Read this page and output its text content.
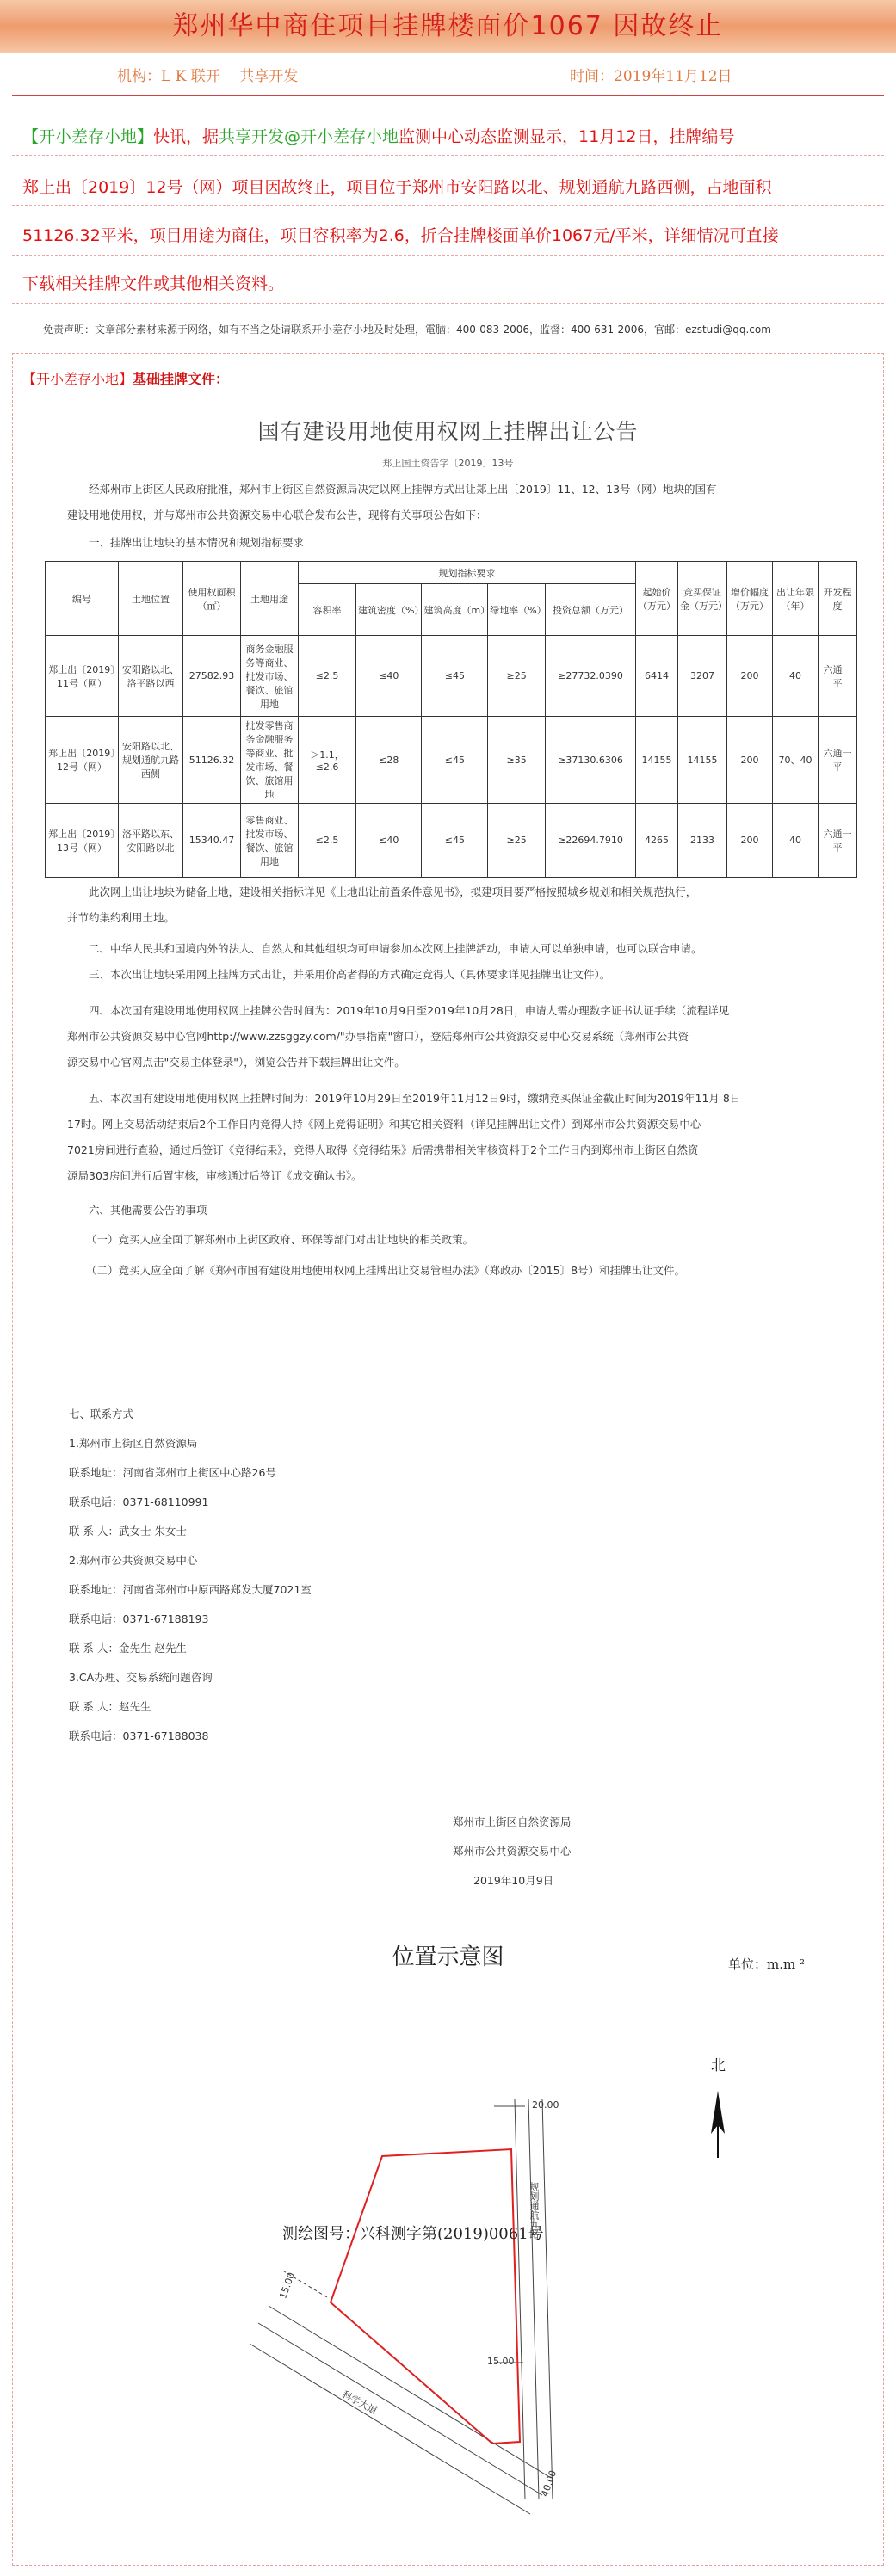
郑州华中商住项目挂牌楼面价1067 因故终止
机构：L K 联开　 共享开发	时间：2019年11月12日
【开小差存小地】快讯，据共享开发@开小差存小地监测中心动态监测显示，11月12日，挂牌编号
郑上出〔2019〕12号（网）项目因故终止，项目位于郑州市安阳路以北、规划通航九路西侧，占地面积
51126.32平米，项目用途为商住，项目容积率为2.6，折合挂牌楼面单价1067元/平米，详细情况可直接
下载相关挂牌文件或其他相关资料。
免责声明：文章部分素材来源于网络，如有不当之处请联系开小差存小地及时处理，電脑：400-083-2006，监督：400-631-2006，官邮：ezstudi@qq.com
【开小差存小地】基础挂牌文件：
国有建设用地使用权网上挂牌出让公告
郑上国土资告字〔2019〕13号
经郑州市上街区人民政府批准，郑州市上街区自然资源局决定以网上挂牌方式出让郑上出〔2019〕11、12、13号（网）地块的国有
建设用地使用权，并与郑州市公共资源交易中心联合发布公告，现将有关事项公告如下：
一、挂牌出让地块的基本情况和规划指标要求
编号	土地位置	使用权面积（㎡）	土地用途	规划指标要求					起始价（万元）	竞买保证金（万元）	增价幅度（万元）	出让年限（年）	开发程度
				容积率	建筑密度（%）	建筑高度（m）	绿地率（%）	投资总额（万元）					
郑上出〔2019〕11号（网）	安阳路以北、洛平路以西	27582.93	商务金融服务等商业、批发市场、餐饮、旅馆用地	≤2.5	≤40	≤45	≥25	≥27732.0390	6414	3207	200	40	六通一平
郑上出〔2019〕12号（网）	安阳路以北、规划通航九路西侧	51126.32	批发零售商务金融服务等商业、批发市场、餐饮、旅馆用地	＞1.1，≤2.6	≤28	≤45	≥35	≥37130.6306	14155	14155	200	70、40	六通一平
郑上出〔2019〕13号（网）	洛平路以东、安阳路以北	15340.47	零售商业、批发市场、餐饮、旅馆用地	≤2.5	≤40	≤45	≥25	≥22694.7910	4265	2133	200	40	六通一平
此次网上出让地块为储备土地，建设相关指标详见《土地出让前置条件意见书》，拟建项目要严格按照城乡规划和相关规范执行，
并节约集约利用土地。
二、中华人民共和国境内外的法人、自然人和其他组织均可申请参加本次网上挂牌活动，申请人可以单独申请，也可以联合申请。
三、本次出让地块采用网上挂牌方式出让，并采用价高者得的方式确定竞得人（具体要求详见挂牌出让文件）。
四、本次国有建设用地使用权网上挂牌公告时间为：2019年10月9日至2019年10月28日，申请人需办理数字证书认证手续（流程详见
郑州市公共资源交易中心官网http://www.zzsggzy.com/"办事指南"窗口），登陆郑州市公共资源交易中心交易系统（郑州市公共资
源交易中心官网点击"交易主体登录"），浏览公告并下载挂牌出让文件。
五、本次国有建设用地使用权网上挂牌时间为：2019年10月29日至2019年11月12日9时，缴纳竞买保证金截止时间为2019年11月 8日
17时。网上交易活动结束后2个工作日内竞得人持《网上竞得证明》和其它相关资料（详见挂牌出让文件）到郑州市公共资源交易中心
7021房间进行查验，通过后签订《竞得结果》，竞得人取得《竞得结果》后需携带相关审核资料于2个工作日内到郑州市上街区自然资
源局303房间进行后置审核，审核通过后签订《成交确认书》。
六、其他需要公告的事项
（一）竞买人应全面了解郑州市上街区政府、环保等部门对出让地块的相关政策。
（二）竞买人应全面了解《郑州市国有建设用地使用权网上挂牌出让交易管理办法》（郑政办〔2015〕8号）和挂牌出让文件。
七、联系方式
1.郑州市上街区自然资源局
联系地址：河南省郑州市上街区中心路26号
联系电话：0371-68110991
联 系 人：武女士 朱女士
2.郑州市公共资源交易中心
联系地址：河南省郑州市中原西路郑发大厦7021室
联系电话：0371-67188193
联 系 人：金先生 赵先生
3.CA办理、交易系统问题咨询
联 系 人：赵先生
联系电话：0371-67188038
郑州市上街区自然资源局
郑州市公共资源交易中心
2019年10月9日
位置示意图	单位：m.m ²
北
测绘图号：兴科测字第(2019)0061号
规划通航九路
科学大道
20.00
15.00
15.00
40.00
